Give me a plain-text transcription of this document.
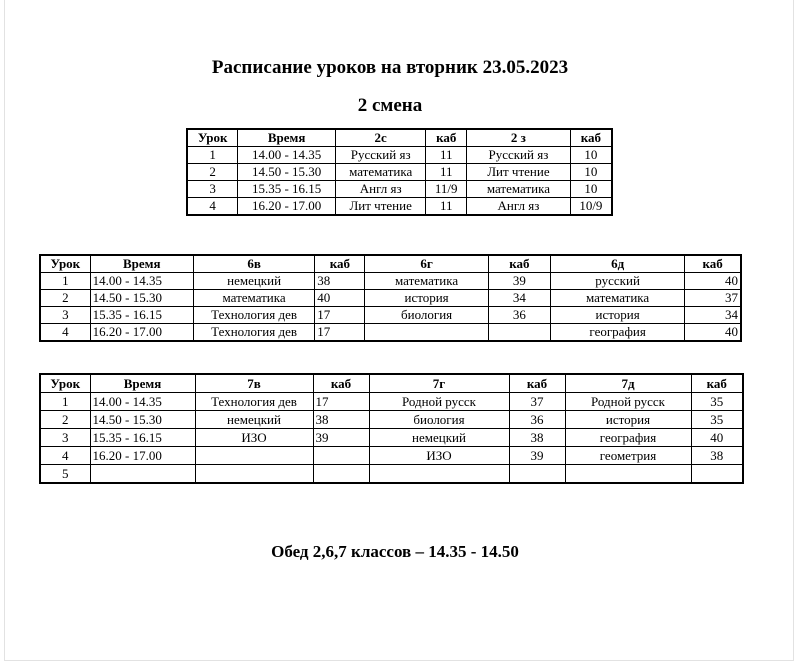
Расписание уроков на вторник 23.05.2023
2 смена
Урок	Время	2с	каб	2 з	каб
1	14.00 - 14.35	Русский яз	11	Русский яз	10
2	14.50 - 15.30	математика	11	Лит чтение	10
3	15.35 - 16.15	Англ яз	11/9	математика	10
4	16.20 - 17.00	Лит чтение	11	Англ яз	10/9
Урок	Время	6в	каб	6г	каб	6д	каб
1	14.00 - 14.35	немецкий	38	математика	39	русский	40
2	14.50 - 15.30	математика	40	история	34	математика	37
3	15.35 - 16.15	Технология дев	17	биология	36	история	34
4	16.20 - 17.00	Технология дев	17			география	40
Урок	Время	7в	каб	7г	каб	7д	каб
1	14.00 - 14.35	Технология дев	17	Родной русск	37	Родной русск	35
2	14.50 - 15.30	немецкий	38	биология	36	история	35
3	15.35 - 16.15	ИЗО	39	немецкий	38	география	40
4	16.20 - 17.00			ИЗО	39	геометрия	38
5							
Обед 2,6,7 классов – 14.35 - 14.50
